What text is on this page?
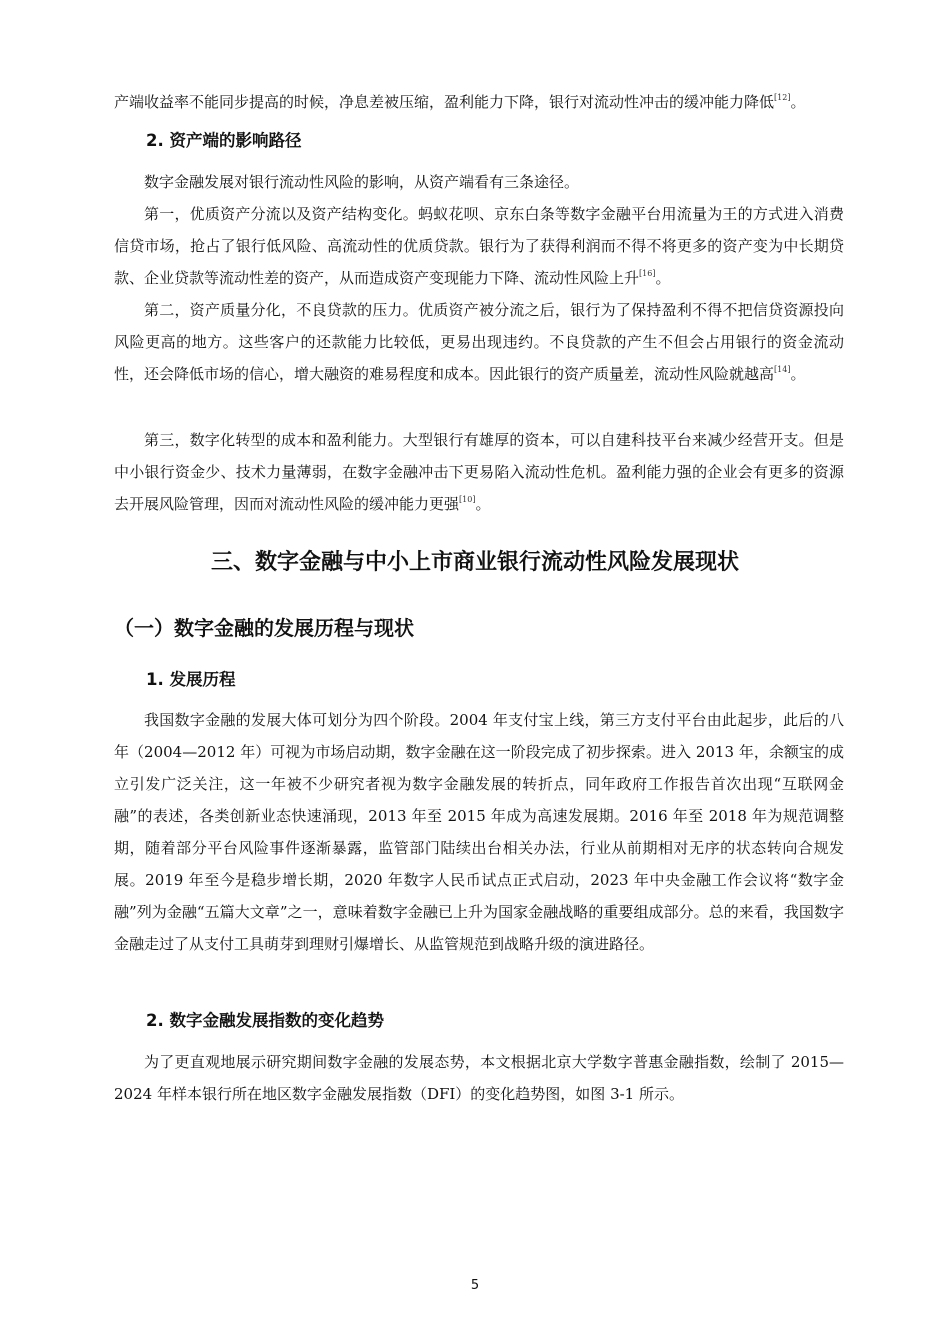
产端收益率不能同步提高的时候，净息差被压缩，盈利能力下降，银行对流动性冲击的缓冲能力降低[12]。

2. 资产端的影响路径

数字金融发展对银行流动性风险的影响，从资产端看有三条途径。

第一，优质资产分流以及资产结构变化。蚂蚁花呗、京东白条等数字金融平台用流量为王的方式进入消费信贷市场，抢占了银行低风险、高流动性的优质贷款。银行为了获得利润而不得不将更多的资产变为中长期贷款、企业贷款等流动性差的资产，从而造成资产变现能力下降、流动性风险上升[16]。

第二，资产质量分化，不良贷款的压力。优质资产被分流之后，银行为了保持盈利不得不把信贷资源投向风险更高的地方。这些客户的还款能力比较低，更易出现违约。不良贷款的产生不但会占用银行的资金流动性，还会降低市场的信心，增大融资的难易程度和成本。因此银行的资产质量差，流动性风险就越高[14]。

第三，数字化转型的成本和盈利能力。大型银行有雄厚的资本，可以自建科技平台来减少经营开支。但是中小银行资金少、技术力量薄弱，在数字金融冲击下更易陷入流动性危机。盈利能力强的企业会有更多的资源去开展风险管理，因而对流动性风险的缓冲能力更强[10]。

三、数字金融与中小上市商业银行流动性风险发展现状
（一）数字金融的发展历程与现状
1. 发展历程

我国数字金融的发展大体可划分为四个阶段。2004 年支付宝上线，第三方支付平台由此起步，此后的八年（2004—2012 年）可视为市场启动期，数字金融在这一阶段完成了初步探索。进入 2013 年，余额宝的成立引发广泛关注，这一年被不少研究者视为数字金融发展的转折点，同年政府工作报告首次出现“互联网金融”的表述，各类创新业态快速涌现，2013 年至 2015 年成为高速发展期。2016 年至 2018 年为规范调整期，随着部分平台风险事件逐渐暴露，监管部门陆续出台相关办法，行业从前期相对无序的状态转向合规发展。2019 年至今是稳步增长期，2020 年数字人民币试点正式启动，2023 年中央金融工作会议将“数字金融”列为金融“五篇大文章”之一，意味着数字金融已上升为国家金融战略的重要组成部分。总的来看，我国数字金融走过了从支付工具萌芽到理财引爆增长、从监管规范到战略升级的演进路径。

2. 数字金融发展指数的变化趋势

为了更直观地展示研究期间数字金融的发展态势，本文根据北京大学数字普惠金融指数，绘制了 2015—2024 年样本银行所在地区数字金融发展指数（DFI）的变化趋势图，如图 3-1 所示。

5
